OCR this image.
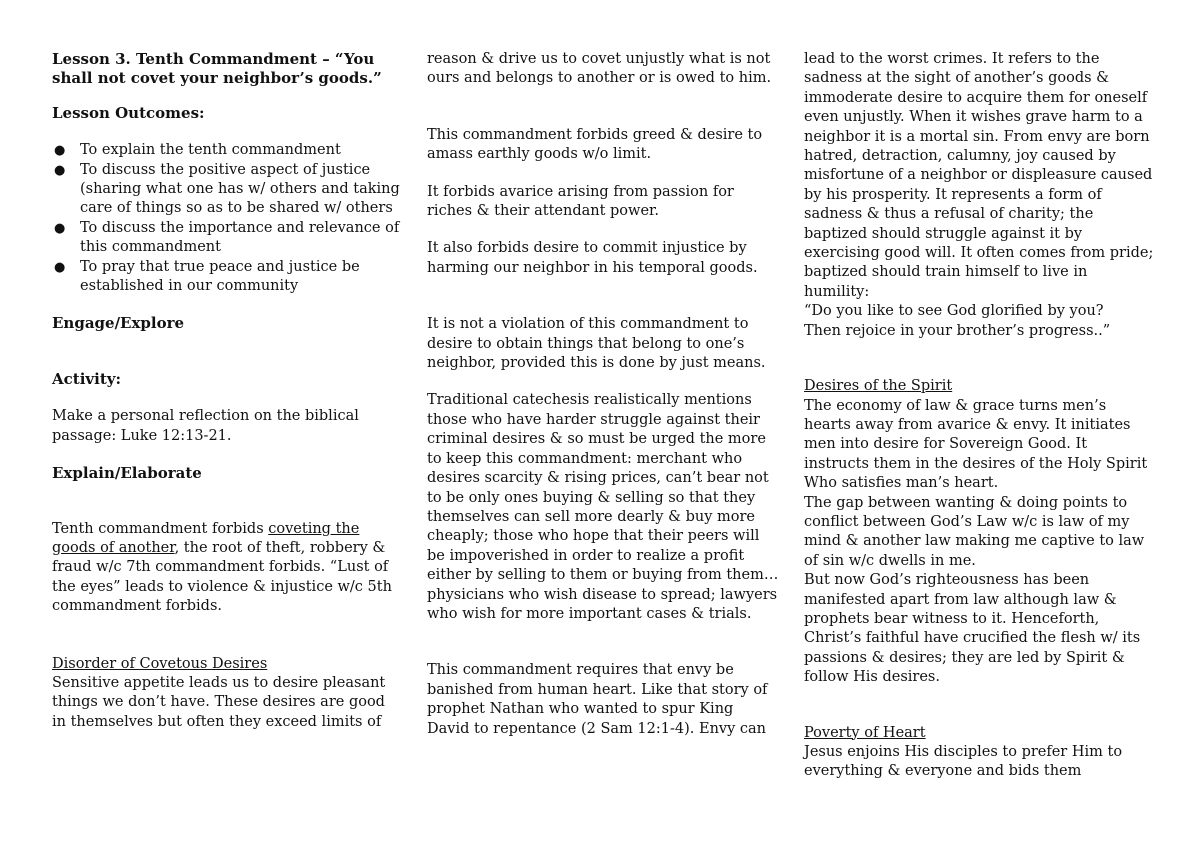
Lesson 3. Tenth Commandment – “You
shall not covet your neighbor’s goods.”

Lesson Outcomes:

● To explain the tenth commandment
● To discuss the positive aspect of justice (sharing what one has w/ others and taking care of things so as to be shared w/ others
● To discuss the importance and relevance of this commandment
● To pray that true peace and justice be established in our community

Engage/Explore

Activity:

Make a personal reflection on the biblical passage: Luke 12:13-21.

Explain/Elaborate

Tenth commandment forbids coveting the goods of another, the root of theft, robbery & fraud w/c 7th commandment forbids. “Lust of the eyes” leads to violence & injustice w/c 5th commandment forbids.

Disorder of Covetous Desires

Sensitive appetite leads us to desire pleasant things we don’t have. These desires are good in themselves but often they exceed limits of

reason & drive us to covet unjustly what is not ours and belongs to another or is owed to him.

This commandment forbids greed & desire to amass earthly goods w/o limit.

It forbids avarice arising from passion for riches & their attendant power.

It also forbids desire to commit injustice by harming our neighbor in his temporal goods.

It is not a violation of this commandment to desire to obtain things that belong to one’s neighbor, provided this is done by just means.

Traditional catechesis realistically mentions those who have harder struggle against their criminal desires & so must be urged the more to keep this commandment: merchant who desires scarcity & rising prices, can’t bear not to be only ones buying & selling so that they themselves can sell more dearly & buy more cheaply; those who hope that their peers will be impoverished in order to realize a profit either by selling to them or buying from them… physicians who wish disease to spread; lawyers who wish for more important cases & trials.

This commandment requires that envy be banished from human heart. Like that story of prophet Nathan who wanted to spur King David to repentance (2 Sam 12:1-4). Envy can

lead to the worst crimes. It refers to the sadness at the sight of another’s goods & immoderate desire to acquire them for oneself even unjustly. When it wishes grave harm to a neighbor it is a mortal sin. From envy are born hatred, detraction, calumny, joy caused by misfortune of a neighbor or displeasure caused by his prosperity. It represents a form of sadness & thus a refusal of charity; the baptized should struggle against it by exercising good will. It often comes from pride; baptized should train himself to live in humility:

“Do you like to see God glorified by you?
Then rejoice in your brother’s progress..”

Desires of the Spirit

The economy of law & grace turns men’s hearts away from avarice & envy. It initiates men into desire for Sovereign Good. It instructs them in the desires of the Holy Spirit Who satisfies man’s heart.

The gap between wanting & doing points to conflict between God’s Law w/c is law of my mind & another law making me captive to law of sin w/c dwells in me.

But now God’s righteousness has been manifested apart from law although law & prophets bear witness to it. Henceforth, Christ’s faithful have crucified the flesh w/ its passions & desires; they are led by Spirit & follow His desires.

Poverty of Heart

Jesus enjoins His disciples to prefer Him to everything & everyone and bids them
